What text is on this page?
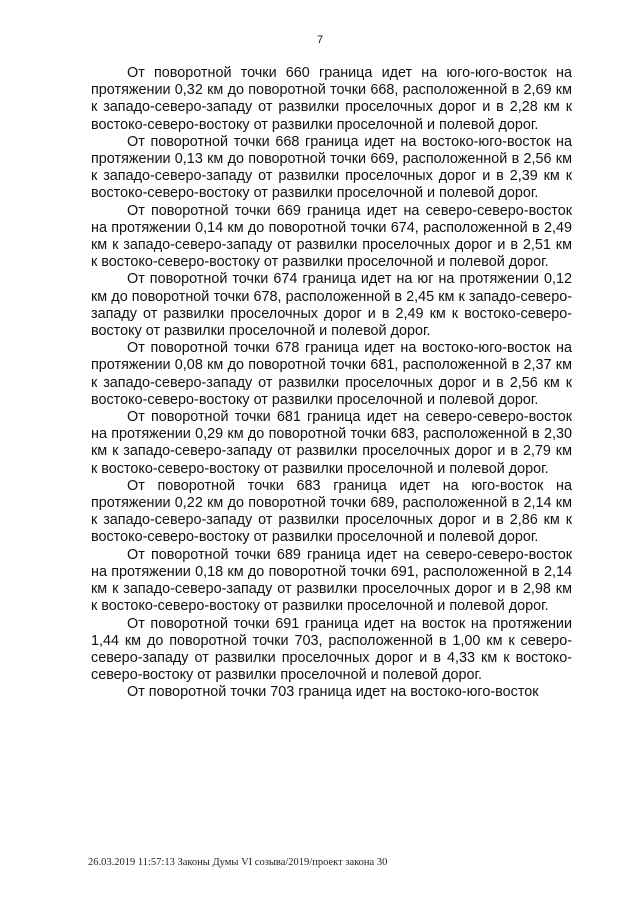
7

От поворотной точки 660 граница идет на юго-юго-восток на протяжении 0,32 км до поворотной точки 668, расположенной в 2,69 км к западо-северо-западу от развилки проселочных дорог и в 2,28 км к востоко-северо-востоку от развилки проселочной и полевой дорог.

От поворотной точки 668 граница идет на востоко-юго-восток на протяжении 0,13 км до поворотной точки 669, расположенной в 2,56 км к западо-северо-западу от развилки проселочных дорог и в 2,39 км к востоко-северо-востоку от развилки проселочной и полевой дорог.

От поворотной точки 669 граница идет на северо-северо-восток на протяжении 0,14 км до поворотной точки 674, расположенной в 2,49 км к западо-северо-западу от развилки проселочных дорог и в 2,51 км к востоко-северо-востоку от развилки проселочной и полевой дорог.

От поворотной точки 674 граница идет на юг на протяжении 0,12 км до поворотной точки 678, расположенной в 2,45 км к западо-северо-западу от развилки проселочных дорог и в 2,49 км к востоко-северо-востоку от развилки проселочной и полевой дорог.

От поворотной точки 678 граница идет на востоко-юго-восток на протяжении 0,08 км до поворотной точки 681, расположенной в 2,37 км к западо-северо-западу от развилки проселочных дорог и в 2,56 км к востоко-северо-востоку от развилки проселочной и полевой дорог.

От поворотной точки 681 граница идет на северо-северо-восток на протяжении 0,29 км до поворотной точки 683, расположенной в 2,30 км к западо-северо-западу от развилки проселочных дорог и в 2,79 км к востоко-северо-востоку от развилки проселочной и полевой дорог.

От поворотной точки 683 граница идет на юго-восток на протяжении 0,22 км до поворотной точки 689, расположенной в 2,14 км к западо-северо-западу от развилки проселочных дорог и в 2,86 км к востоко-северо-востоку от развилки проселочной и полевой дорог.

От поворотной точки 689 граница идет на северо-северо-восток на протяжении 0,18 км до поворотной точки 691, расположенной в 2,14 км к западо-северо-западу от развилки проселочных дорог и в 2,98 км к востоко-северо-востоку от развилки проселочной и полевой дорог.

От поворотной точки 691 граница идет на восток на протяжении 1,44 км до поворотной точки 703, расположенной в 1,00 км к северо-северо-западу от развилки проселочных дорог и в 4,33 км к востоко-северо-востоку от развилки проселочной и полевой дорог.

От поворотной точки 703 граница идет на востоко-юго-восток

26.03.2019 11:57:13 Законы Думы VI созыва/2019/проект закона 30
